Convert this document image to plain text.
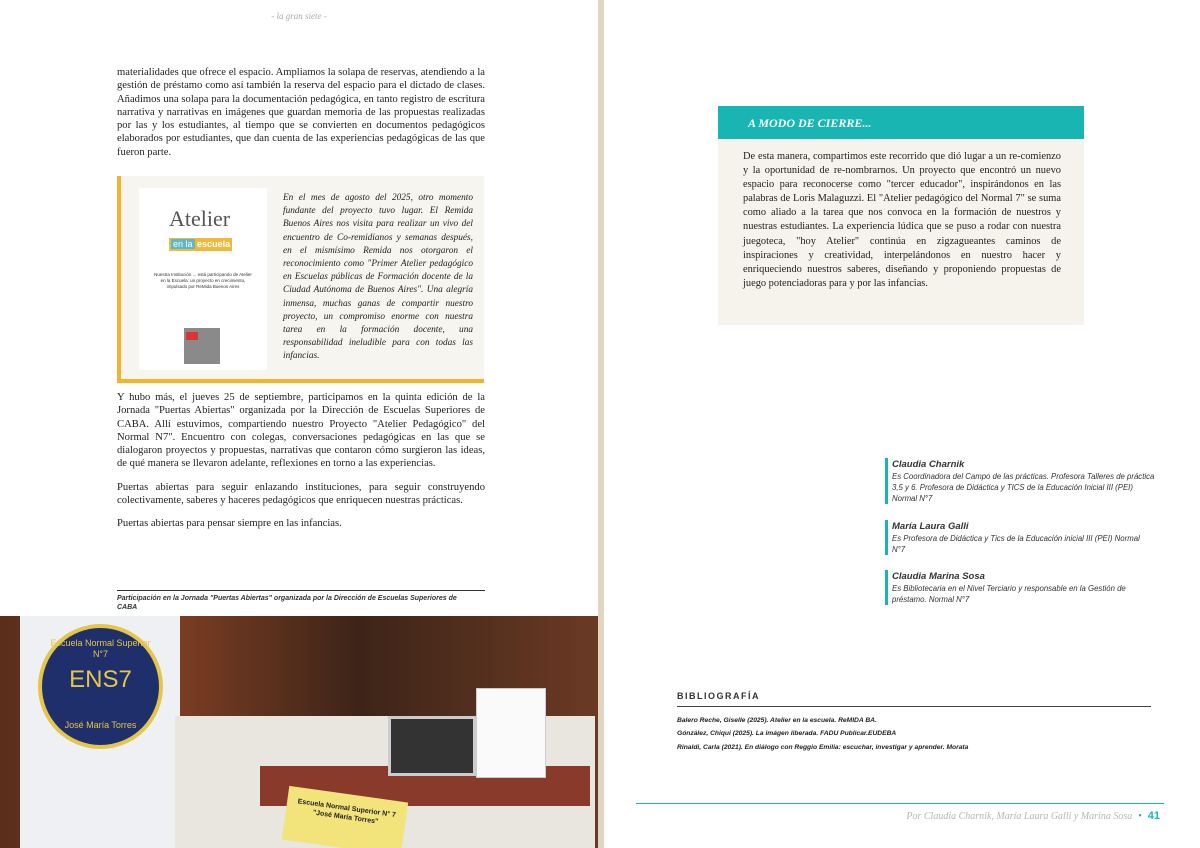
- la gran siete -

materialidades que ofrece el espacio. Ampliamos la solapa de reservas, atendiendo a la gestión de préstamo como así también la reserva del espacio para el dictado de clases. Añadimos una solapa para la documentación pedagógica, en tanto registro de escritura narrativa y narrativas en imágenes que guardan memoria de las propuestas realizadas por las y los estudiantes, al tiempo que se convierten en documentos pedagógicos elaborados por estudiantes, que dan cuenta de las experiencias pedagógicas de las que fueron parte.

Atelier
en la escuela
Nuestra Institución ... está participando de Atelier en la Escuela: un proyecto en crecimiento, impulsado por ReMida Buenos Aires
En el mes de agosto del 2025, otro momento fundante del proyecto tuvo lugar. El Remida Buenos Aires nos visita para realizar un vivo del encuentro de Co-remidianos y semanas después, en el mismísimo Remida nos otorgaron el reconocimiento como "Primer Atelier pedagógico en Escuelas públicas de Formación docente de la Ciudad Autónoma de Buenos Aires". Una alegría inmensa, muchas ganas de compartir nuestro proyecto, un compromiso enorme con nuestra tarea en la formación docente, una responsabilidad ineludible para con todas las infancias.

Y hubo más, el jueves 25 de septiembre, participamos en la quinta edición de la Jornada "Puertas Abiertas" organizada por la Dirección de Escuelas Superiores de CABA. Allí estuvimos, compartiendo nuestro Proyecto "Atelier Pedagógico" del Normal N7". Encuentro con colegas, conversaciones pedagógicas en las que se dialogaron proyectos y propuestas, narrativas que contaron cómo surgieron las ideas, de qué manera se llevaron adelante, reflexiones en torno a las experiencias.

Puertas abiertas para seguir enlazando instituciones, para seguir construyendo colectivamente, saberes y haceres pedagógicos que enriquecen nuestras prácticas.

Puertas abiertas para pensar siempre en las infancias.

Participación en la Jornada "Puertas Abiertas" organizada por la Dirección de Escuelas Superiores de CABA
Escuela Normal Superior N°7
ENS7
José María Torres
Escuela Normal Superior N° 7 "José María Torres"
A MODO DE CIERRE...
De esta manera, compartimos este recorrido que dió lugar a un re-comienzo y la oportunidad de re-nombrarnos. Un proyecto que encontró un nuevo espacio para reconocerse como "tercer educador", inspirándonos en las palabras de Loris Malaguzzi. El "Atelier pedagógico del Normal 7" se suma como aliado a la tarea que nos convoca en la formación de nuestros y nuestras estudiantes. La experiencia lúdica que se puso a rodar con nuestra juegoteca, "hoy Atelier" continúa en zigzagueantes caminos de inspiraciones y creatividad, interpelándonos en nuestro hacer y enriqueciendo nuestros saberes, diseñando y proponiendo propuestas de juego potenciadoras para y por las infancias.
Claudia Charnik
Es Coordinadora del Campo de las prácticas. Profesora Talleres de práctica 3,5 y 6. Profesora de Didáctica y TICS de la Educación Inicial III (PEI) Normal N°7
María Laura Galli
Es Profesora de Didáctica y Tics de la Educación inicial III (PEI) Normal N°7
Claudia Marina Sosa
Es Bibliotecaria en el Nivel Terciario y responsable en la Gestión de préstamo. Normal N°7
BIBLIOGRAFÍA
Balero Reche, Giselle (2025). Atelier en la escuela. ReMIDA BA.
Gónzález, Chiqui (2025). La imágen liberada. FADU Publicar.EUDEBA
Rinaldi, Carla (2021). En diálogo con Reggio Emilia: escuchar, investigar y aprender. Morata
Por Claudia Charnik, María Laura Galli y Marina Sosa • 41
